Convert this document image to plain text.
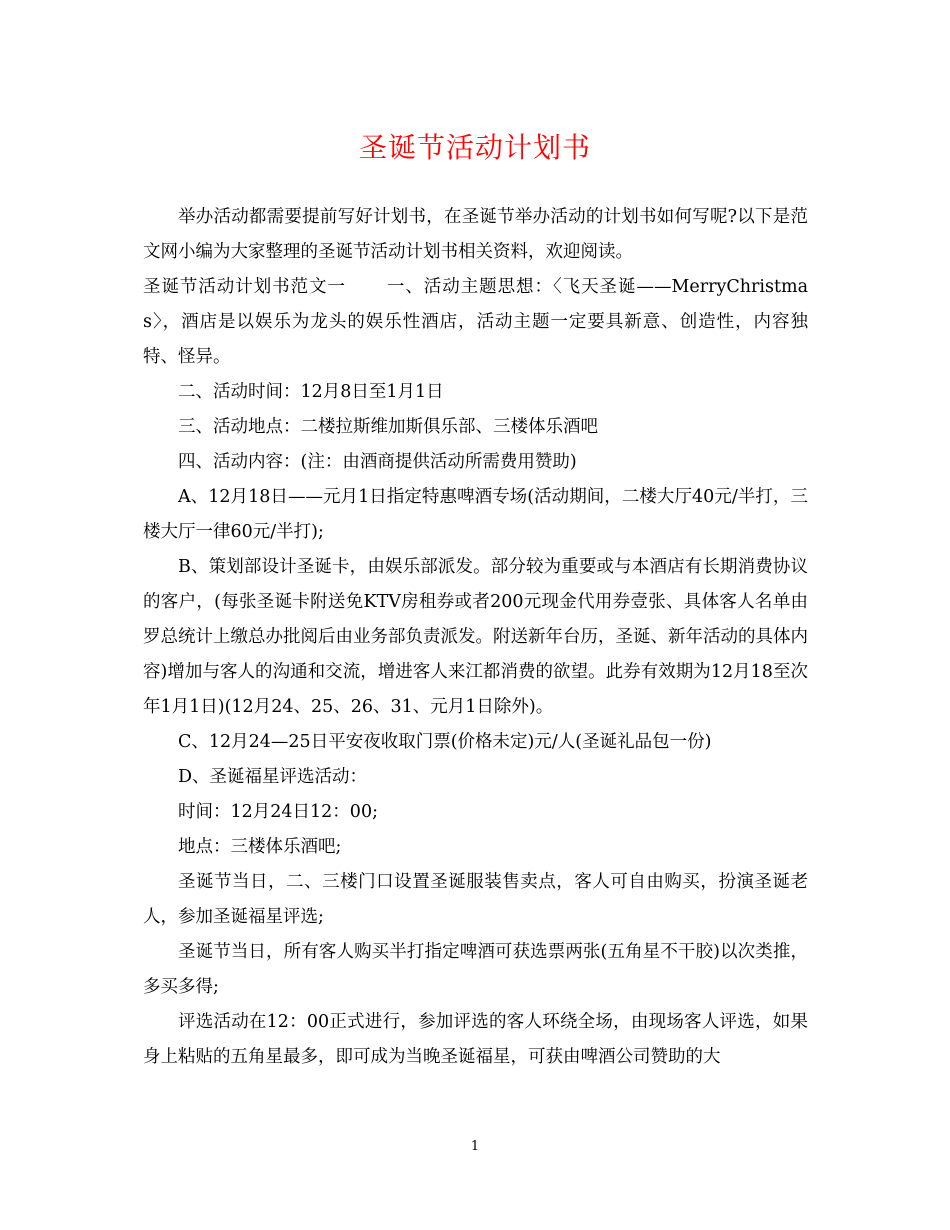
圣诞节活动计划书

举办活动都需要提前写好计划书，在圣诞节举办活动的计划书如何写呢?以下是范文网小编为大家整理的圣诞节活动计划书相关资料，欢迎阅读。

圣诞节活动计划书范文一 一、活动主题思想：〈飞天圣诞——MerryChristmas〉，酒店是以娱乐为龙头的娱乐性酒店，活动主题一定要具新意、创造性，内容独特、怪异。

二、活动时间：12月8日至1月1日

三、活动地点：二楼拉斯维加斯俱乐部、三楼体乐酒吧

四、活动内容：(注：由酒商提供活动所需费用赞助)

A、12月18日——元月1日指定特惠啤酒专场(活动期间，二楼大厅40元/半打，三楼大厅一律60元/半打);

B、策划部设计圣诞卡，由娱乐部派发。部分较为重要或与本酒店有长期消费协议的客户，(每张圣诞卡附送免KTV房租券或者200元现金代用券壹张、具体客人名单由罗总统计上缴总办批阅后由业务部负责派发。附送新年台历，圣诞、新年活动的具体内容)增加与客人的沟通和交流，增进客人来江都消费的欲望。此券有效期为12月18至次年1月1日)(12月24、25、26、31、元月1日除外)。

C、12月24—25日平安夜收取门票(价格未定)元/人(圣诞礼品包一份)

D、圣诞福星评选活动：

时间：12月24日12：00;

地点：三楼体乐酒吧;

圣诞节当日，二、三楼门口设置圣诞服装售卖点，客人可自由购买，扮演圣诞老人，参加圣诞福星评选;

圣诞节当日，所有客人购买半打指定啤酒可获选票两张(五角星不干胶)以次类推，多买多得;

评选活动在12：00正式进行，参加评选的客人环绕全场，由现场客人评选，如果身上粘贴的五角星最多，即可成为当晚圣诞福星，可获由啤酒公司赞助的大

1
